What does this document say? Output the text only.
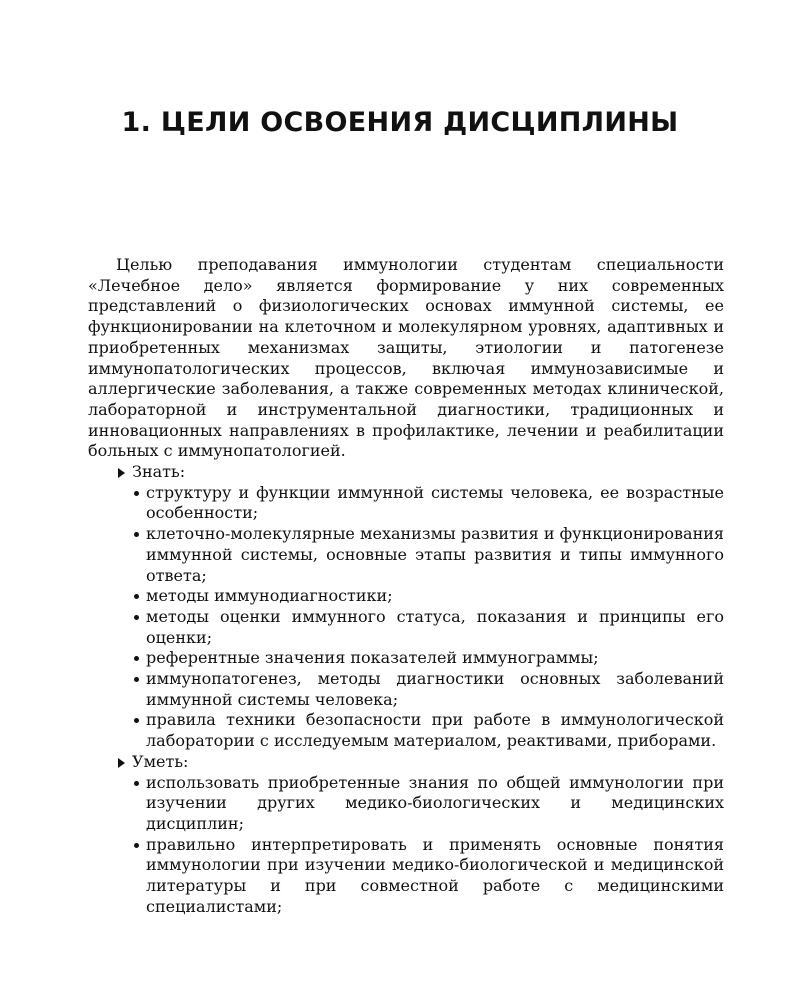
1. ЦЕЛИ ОСВОЕНИЯ ДИСЦИПЛИНЫ

Целью преподавания иммунологии студентам специальности «Лечебное дело» является формирование у них современных представлений о физиологических основах иммунной системы, ее функционировании на клеточном и молекулярном уровнях, адаптивных и приобретенных механизмах защиты, этиологии и патогенезе иммунопатологических процессов, включая иммунозависимые и аллергические заболевания, а также современных методах клинической, лабораторной и инструментальной диагностики, традиционных и инновационных направлениях в профилактике, лечении и реабилитации больных с иммунопатологией.

Знать:

структуру и функции иммунной системы человека, ее возрастные особенности;
клеточно-молекулярные механизмы развития и функционирования иммунной системы, основные этапы развития и типы иммунного ответа;
методы иммунодиагностики;
методы оценки иммунного статуса, показания и принципы его оценки;
референтные значения показателей иммунограммы;
иммунопатогенез, методы диагностики основных заболеваний иммунной системы человека;
правила техники безопасности при работе в иммунологической лаборатории с исследуемым материалом, реактивами, приборами.

Уметь:

использовать приобретенные знания по общей иммунологии при изучении других медико-биологических и медицинских дисциплин;
правильно интерпретировать и применять основные понятия иммунологии при изучении медико-биологической и медицинской литературы и при совместной работе с медицинскими специалистами;
